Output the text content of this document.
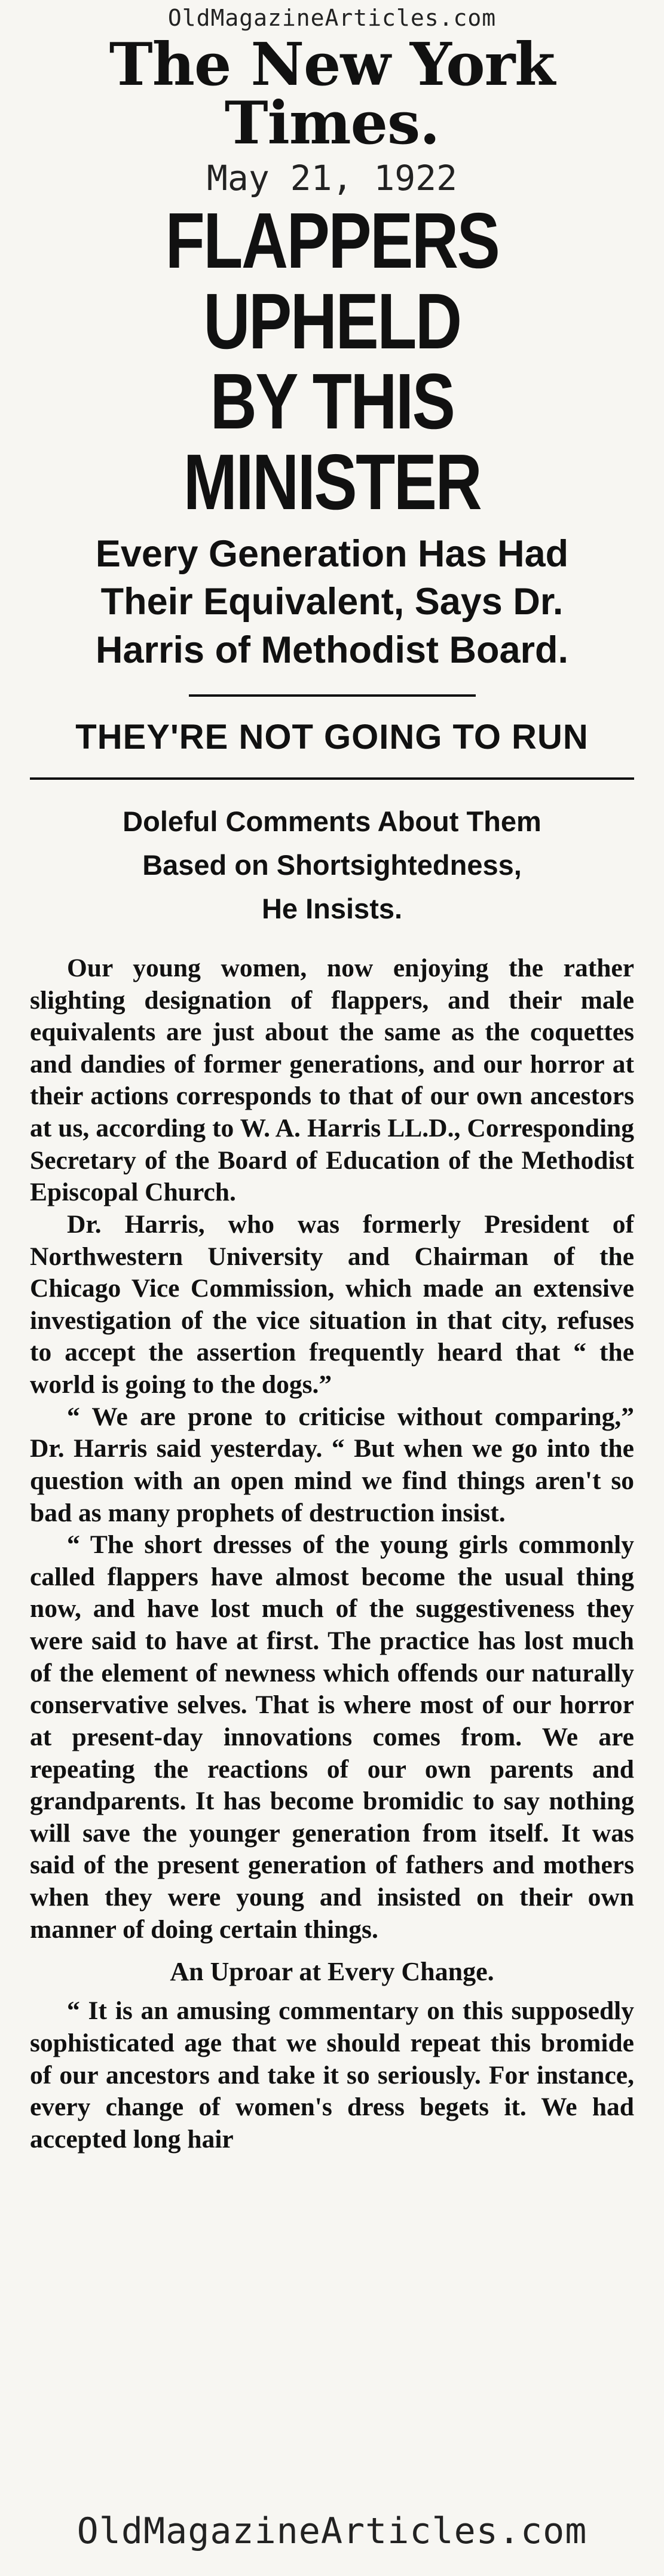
OldMagazineArticles.com
The New York Times.
May 21, 1922
FLAPPERS UPHELD
BY THIS MINISTER
Every Generation Has Had
Their Equivalent, Says Dr.
Harris of Methodist Board.
THEY'RE NOT GOING TO RUN
Doleful Comments About Them
Based on Shortsightedness,
He Insists.

Our young women, now enjoying the rather slighting designation of flappers, and their male equivalents are just about the same as the coquettes and dandies of former generations, and our horror at their actions corresponds to that of our own ancestors at us, according to W. A. Harris LL.D., Corresponding Secretary of the Board of Education of the Methodist Episcopal Church.

Dr. Harris, who was formerly President of Northwestern University and Chairman of the Chicago Vice Commission, which made an extensive investigation of the vice situation in that city, refuses to accept the assertion frequently heard that “ the world is going to the dogs.”

“ We are prone to criticise without comparing,” Dr. Harris said yesterday. “ But when we go into the question with an open mind we find things aren't so bad as many prophets of destruction insist.

“ The short dresses of the young girls commonly called flappers have almost become the usual thing now, and have lost much of the suggestiveness they were said to have at first. The practice has lost much of the element of newness which offends our naturally conservative selves. That is where most of our horror at present-day innovations comes from. We are repeating the reactions of our own parents and grandparents. It has become bromidic to say nothing will save the younger generation from itself. It was said of the present generation of fathers and mothers when they were young and insisted on their own manner of doing certain things.

An Uproar at Every Change.

“ It is an amusing commentary on this supposedly sophisticated age that we should repeat this bromide of our ancestors and take it so seriously. For instance, every change of women's dress begets it. We had accepted long hair

OldMagazineArticles.com
